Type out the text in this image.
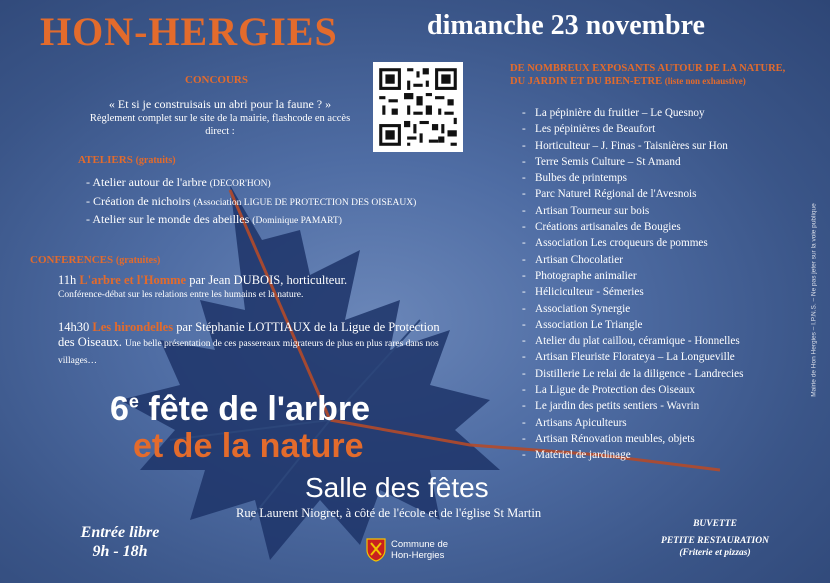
HON-HERGIES	dimanche 23 novembre
CONCOURS
« Et si je construisais un abri pour la faune ? »
Règlement complet sur le site de la mairie, flashcode en accès direct :
ATELIERS (gratuits)
- Atelier autour de l'arbre (DECOR'HON)
- Création de nichoirs (Association LIGUE DE PROTECTION DES OISEAUX)
- Atelier sur le monde des abeilles (Dominique PAMART)
CONFERENCES (gratuites)
11h L'arbre et l'Homme par Jean DUBOIS, horticulteur.
Conférence-débat sur les relations entre les humains et la nature.
14h30 Les hirondelles par Stéphanie LOTTIAUX de la Ligue de Protection des Oiseaux. Une belle présentation de ces passereaux migrateurs de plus en plus rares dans nos villages…
DE NOMBREUX EXPOSANTS AUTOUR DE LA NATURE, DU JARDIN ET DU BIEN-ETRE (liste non exhaustive)
- La pépinière du fruitier – Le Quesnoy
- Les pépinières de Beaufort
- Horticulteur – J. Finas - Taisnières sur Hon
- Terre Semis Culture – St Amand
- Bulbes de printemps
- Parc Naturel Régional de l'Avesnois
- Artisan Tourneur sur bois
- Créations artisanales de Bougies
- Association Les croqueurs de pommes
- Artisan Chocolatier
- Photographe animalier
- Héliciculteur - Sémeries
- Association Synergie
- Association Le Triangle
- Atelier du plat caillou, céramique - Honnelles
- Artisan Fleuriste Florateya – La Longueville
- Distillerie Le relai de la diligence - Landrecies
- La Ligue de Protection des Oiseaux
- Le jardin des petits sentiers - Wavrin
- Artisans Apiculteurs
- Artisan Rénovation meubles, objets
- Matériel de jardinage
6e fête de l'arbre
et de la nature
Salle des fêtes
Rue Laurent Niogret, à côté de l'école et de l'église St Martin
Entrée libre
9h - 18h	Commune de
Hon-Hergies
BUVETTE
PETITE RESTAURATION
(Friterie et pizzas)
Mairie de Hon Hergies – I.P.N.S. – Ne pas jeter sur la voie publique
